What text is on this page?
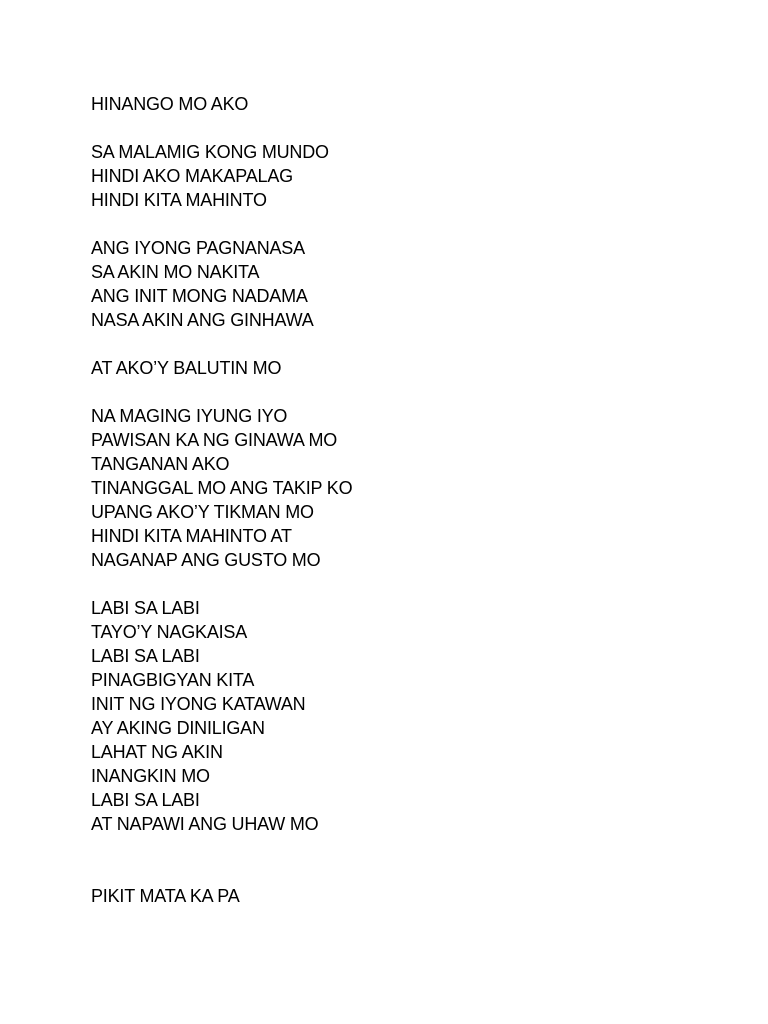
HINANGO MO AKO
SA MALAMIG KONG MUNDO
HINDI AKO MAKAPALAG
HINDI KITA MAHINTO
ANG IYONG PAGNANASA
SA AKIN MO NAKITA
ANG INIT MONG NADAMA
NASA AKIN ANG GINHAWA
AT AKO’Y BALUTIN MO
NA MAGING IYUNG IYO
PAWISAN KA NG GINAWA MO
TANGANAN AKO
TINANGGAL MO ANG TAKIP KO
UPANG AKO’Y TIKMAN MO
HINDI KITA MAHINTO AT
NAGANAP ANG GUSTO MO
LABI SA LABI
TAYO’Y NAGKAISA
LABI SA LABI
PINAGBIGYAN KITA
INIT NG IYONG KATAWAN
AY AKING DINILIGAN
LAHAT NG AKIN
INANGKIN MO
LABI SA LABI
AT NAPAWI ANG UHAW MO
PIKIT MATA KA PA
